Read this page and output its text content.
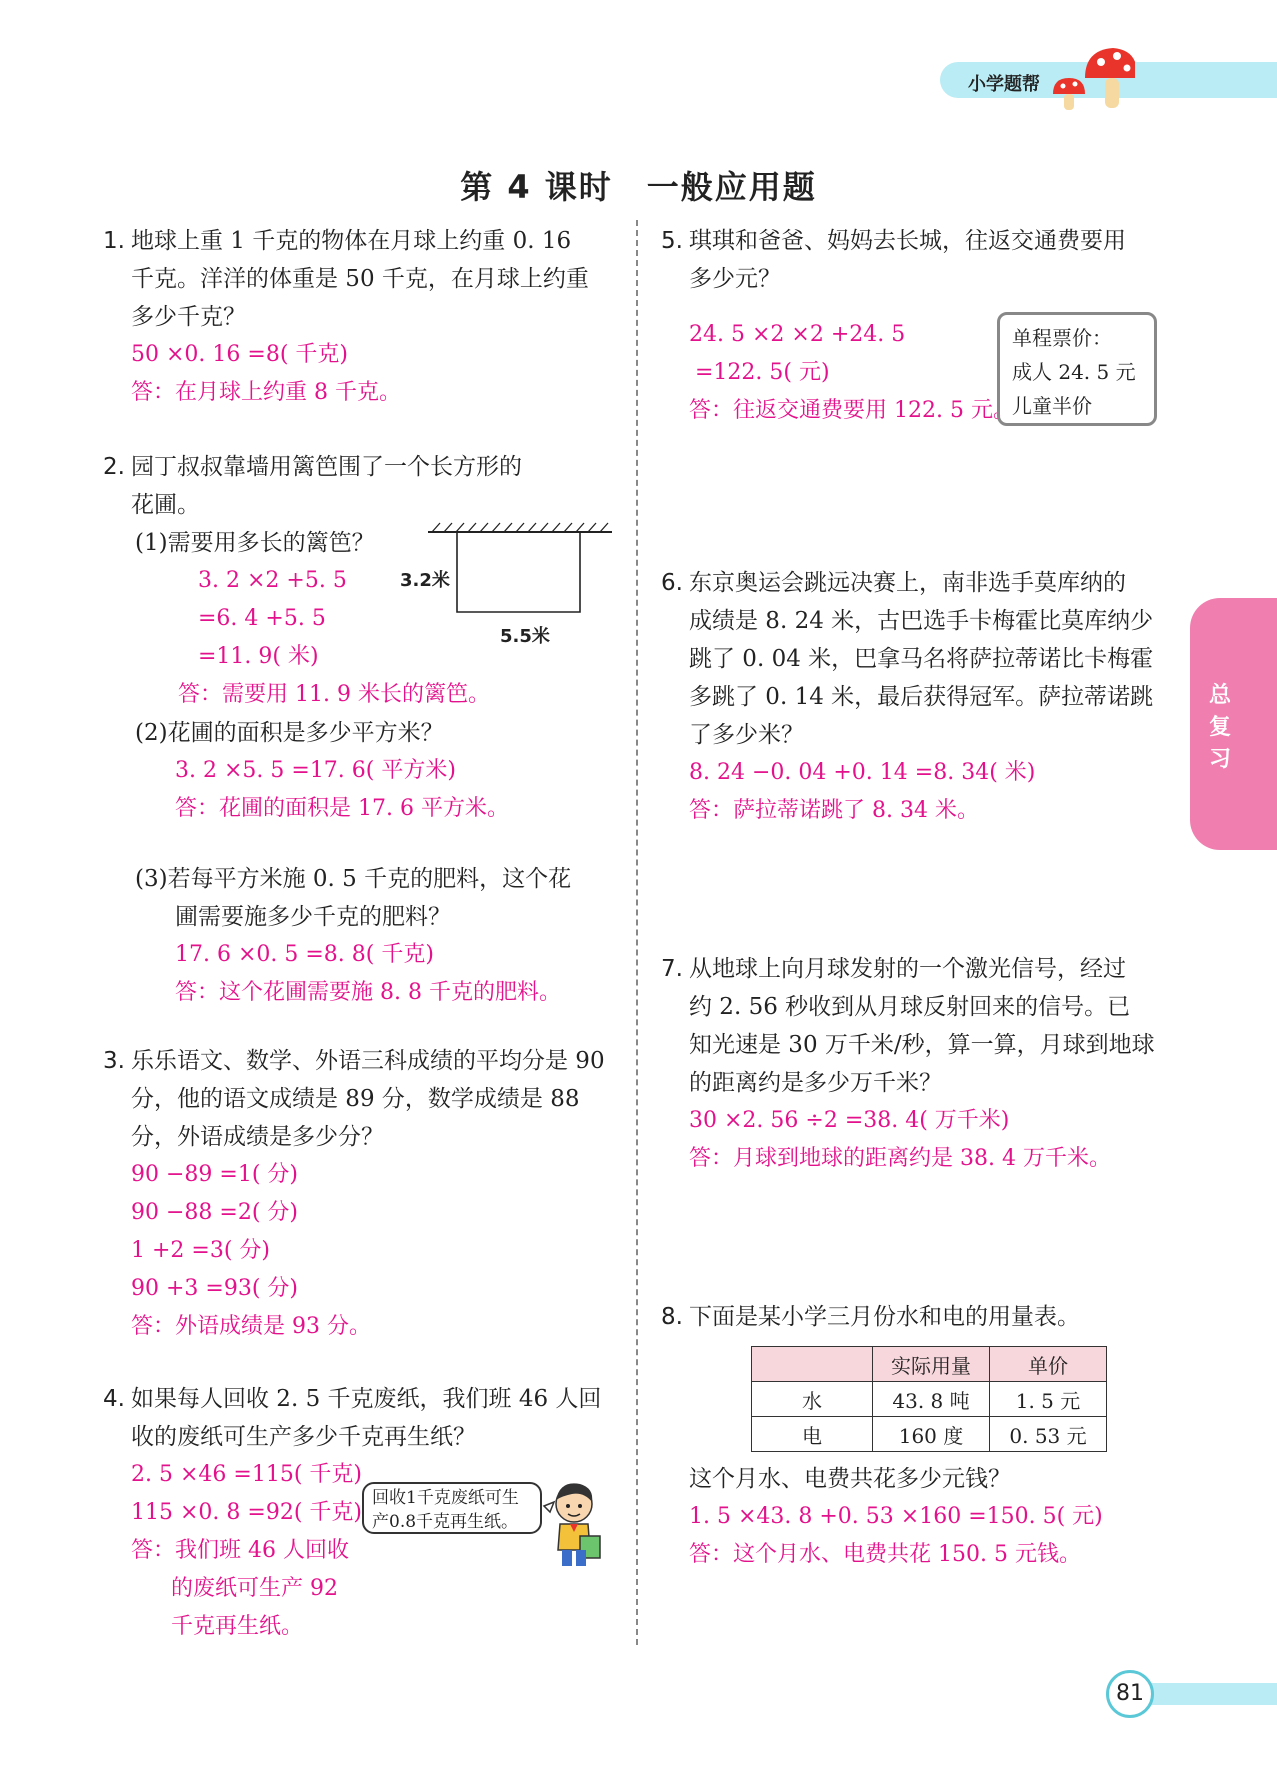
小学题帮
第 4 课时　一般应用题
总
复
习
1. 地球上重 1 千克的物体在月球上约重 0. 16
千克。洋洋的体重是 50 千克，在月球上约重
多少千克？
50 ×0. 16 =8( 千克)
答：在月球上约重 8 千克。
2. 园丁叔叔靠墙用篱笆围了一个长方形的
花圃。
(1)需要用多长的篱笆？
3. 2 ×2 +5. 5
=6. 4 +5. 5
=11. 9( 米)
答：需要用 11. 9 米长的篱笆。
(2)花圃的面积是多少平方米？
3. 2 ×5. 5 =17. 6( 平方米)
答：花圃的面积是 17. 6 平方米。
(3)若每平方米施 0. 5 千克的肥料，这个花
圃需要施多少千克的肥料？
17. 6 ×0. 5 =8. 8( 千克)
答：这个花圃需要施 8. 8 千克的肥料。
3.2米
5.5米
3. 乐乐语文、数学、外语三科成绩的平均分是 90
分，他的语文成绩是 89 分，数学成绩是 88
分，外语成绩是多少分？
90 −89 =1( 分)
90 −88 =2( 分)
1 +2 =3( 分)
90 +3 =93( 分)
答：外语成绩是 93 分。
4. 如果每人回收 2. 5 千克废纸，我们班 46 人回
收的废纸可生产多少千克再生纸？
2. 5 ×46 =115( 千克)
115 ×0. 8 =92( 千克)
答：我们班 46 人回收
的废纸可生产 92
千克再生纸。
回收1千克废纸可生
产0.8千克再生纸。
5. 琪琪和爸爸、妈妈去长城，往返交通费要用
多少元？
24. 5 ×2 ×2 +24. 5
=122. 5( 元)
答：往返交通费要用 122. 5 元。
单程票价：
成人 24. 5 元
儿童半价
6. 东京奥运会跳远决赛上，南非选手莫库纳的
成绩是 8. 24 米，古巴选手卡梅霍比莫库纳少
跳了 0. 04 米，巴拿马名将萨拉蒂诺比卡梅霍
多跳了 0. 14 米，最后获得冠军。萨拉蒂诺跳
了多少米？
8. 24 −0. 04 +0. 14 =8. 34( 米)
答：萨拉蒂诺跳了 8. 34 米。
7. 从地球上向月球发射的一个激光信号，经过
约 2. 56 秒收到从月球反射回来的信号。已
知光速是 30 万千米/秒，算一算，月球到地球
的距离约是多少万千米？
30 ×2. 56 ÷2 =38. 4( 万千米)
答：月球到地球的距离约是 38. 4 万千米。
8. 下面是某小学三月份水和电的用量表。
	实际用量	单价
水	43. 8 吨	1. 5 元
电	160 度	0. 53 元
这个月水、电费共花多少元钱？
1. 5 ×43. 8 +0. 53 ×160 =150. 5( 元)
答：这个月水、电费共花 150. 5 元钱。
81
